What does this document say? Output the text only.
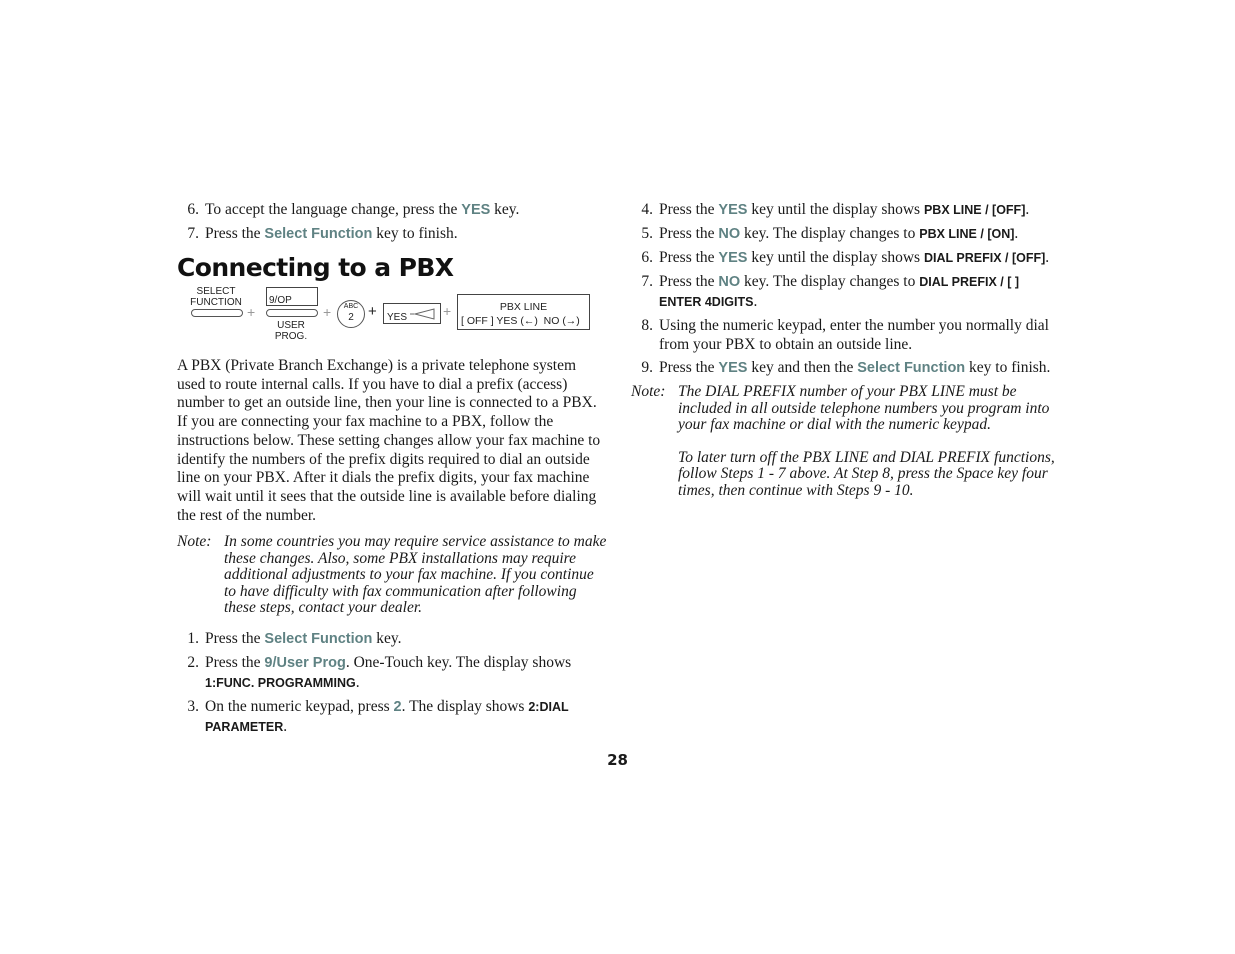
6. To accept the language change, press the YES key.
7. Press the Select Function key to finish.
Connecting to a PBX
SELECT
FUNCTION
+
9/OP
USER
PROG.
+	ABC
2 + YES	+	PBX LINE
[ OFF ] YES (←)  NO (→)
A PBX (Private Branch Exchange) is a private telephone system used to route internal calls. If you have to dial a prefix (access) number to get an outside line, then your line is connected to a PBX. If you are connecting your fax machine to a PBX, follow the instructions below. These setting changes allow your fax machine to identify the numbers of the prefix digits required to dial an outside line on your PBX. After it dials the prefix digits, your fax machine will wait until it sees that the outside line is available before dialing the rest of the number.
Note: In some countries you may require service assistance to make these changes. Also, some PBX installations may require additional adjustments to your fax machine. If you continue to have difficulty with fax communication after following these steps, contact your dealer.

1. Press the Select Function key.
2. Press the 9/User Prog. One-Touch key. The display shows 1:FUNC. PROGRAMMING.
3. On the numeric keypad, press 2. The display shows 2:DIAL PARAMETER.
4. Press the YES key until the display shows PBX LINE / [OFF].
5. Press the NO key. The display changes to PBX LINE / [ON].
6. Press the YES key until the display shows DIAL PREFIX / [OFF].
7. Press the NO key. The display changes to DIAL PREFIX / [ ] ENTER 4DIGITS.
8. Using the numeric keypad, enter the number you normally dial from your PBX to obtain an outside line.
9. Press the YES key and then the Select Function key to finish.
Note: The DIAL PREFIX number of your PBX LINE must be included in all outside telephone numbers you program into your fax machine or dial with the numeric keypad.

To later turn off the PBX LINE and DIAL PREFIX functions, follow Steps 1 - 7 above. At Step 8, press the Space key four times, then continue with Steps 9 - 10.

28
